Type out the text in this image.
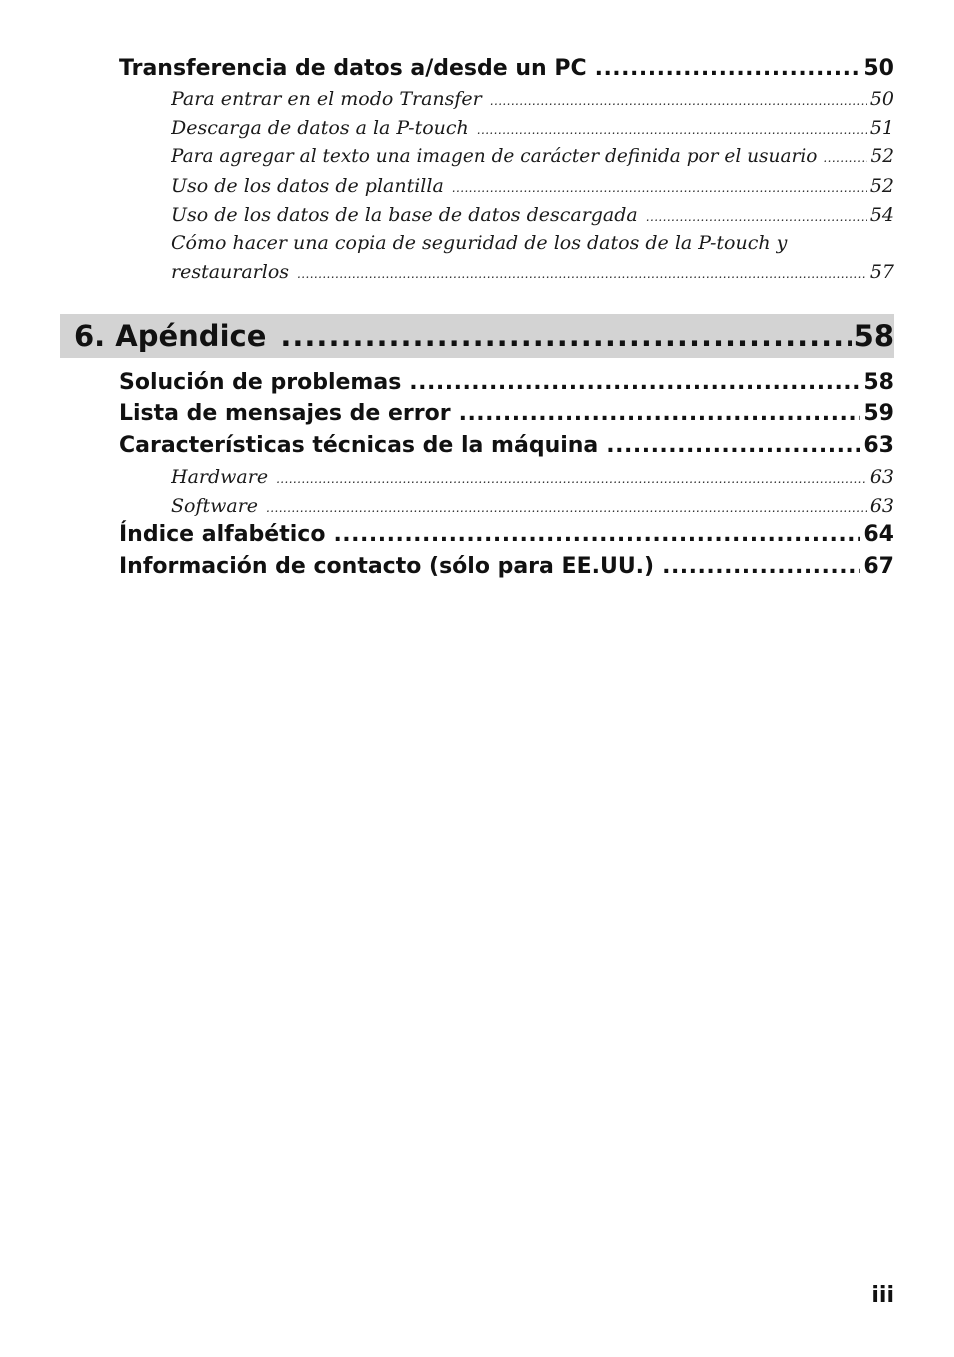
Transferencia de datos a/desde un PC .....	50
Para entrar en el modo Transfer .....	50
Descarga de datos a la P-touch .....	51
Para agregar al texto una imagen de carácter definida por el usuario .....	52
Uso de los datos de plantilla .....	52
Uso de los datos de la base de datos descargada .....	54
Cómo hacer una copia de seguridad de los datos de la P-touch y
restaurarlos .....	57
6. Apéndice .....	58
Solución de problemas .....	58
Lista de mensajes de error .....	59
Características técnicas de la máquina .....	63
Hardware .....	63
Software .....	63
Índice alfabético .....	64
Información de contacto (sólo para EE.UU.) .....	67
iii
